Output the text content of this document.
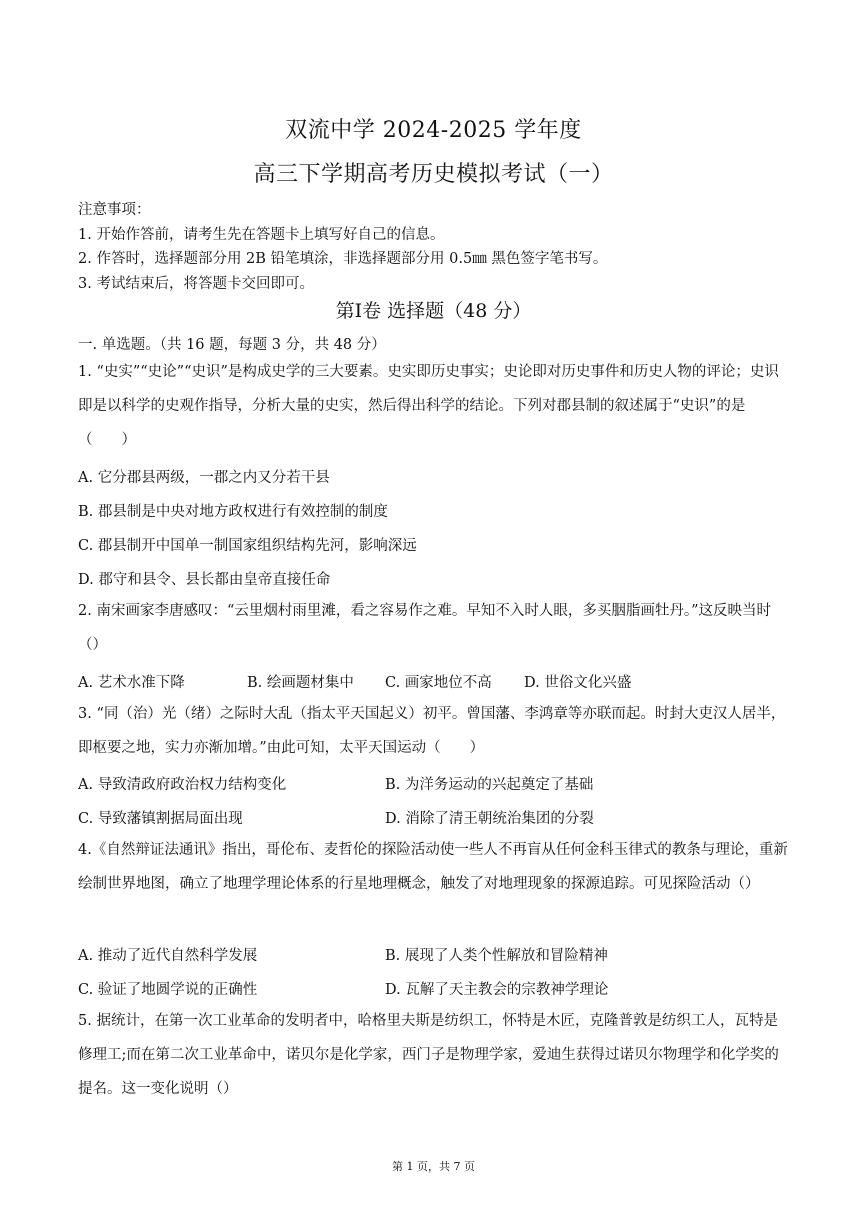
双流中学 2024-2025 学年度
高三下学期高考历史模拟考试（一）
注意事项：
1. 开始作答前，请考生先在答题卡上填写好自己的信息。
2. 作答时，选择题部分用 2B 铅笔填涂，非选择题部分用 0.5㎜ 黑色签字笔书写。
3. 考试结束后，将答题卡交回即可。
第Ⅰ卷 选择题（48 分）
一. 单选题。（共 16 题，每题 3 分，共 48 分）
1. “史实”“史论”“史识”是构成史学的三大要素。史实即历史事实；史论即对历史事件和历史人物的评论；史识即是以科学的史观作指导，分析大量的史实，然后得出科学的结论。下列对郡县制的叙述属于“史识”的是（　　）
A. 它分郡县两级，一郡之内又分若干县
B. 郡县制是中央对地方政权进行有效控制的制度
C. 郡县制开中国单一制国家组织结构先河，影响深远
D. 郡守和县令、县长都由皇帝直接任命
2. 南宋画家李唐感叹：“云里烟村雨里滩，看之容易作之难。早知不入时人眼，多买胭脂画牡丹。”这反映当时（）
A. 艺术水准下降	B. 绘画题材集中 C. 画家地位不高 D. 世俗文化兴盛
3. “同（治）光（绪）之际时大乱（指太平天国起义）初平。曾国藩、李鸿章等亦联而起。时封大吏汉人居半，即枢要之地，实力亦渐加增。”由此可知，太平天国运动（　　）
A. 导致清政府政治权力结构变化	B. 为洋务运动的兴起奠定了基础
C. 导致藩镇割据局面出现	D. 消除了清王朝统治集团的分裂
4.《自然辩证法通讯》指出，哥伦布、麦哲伦的探险活动使一些人不再盲从任何金科玉律式的教条与理论，重新绘制世界地图，确立了地理学理论体系的行星地理概念，触发了对地理现象的探源追踪。可见探险活动（）
A. 推动了近代自然科学发展	B. 展现了人类个性解放和冒险精神
C. 验证了地圆学说的正确性	D. 瓦解了天主教会的宗教神学理论
5. 据统计，在第一次工业革命的发明者中，哈格里夫斯是纺织工，怀特是木匠，克隆普敦是纺织工人，瓦特是修理工;而在第二次工业革命中，诺贝尔是化学家，西门子是物理学家，爱迪生获得过诺贝尔物理学和化学奖的提名。这一变化说明（）
第 1 页，共 7 页
